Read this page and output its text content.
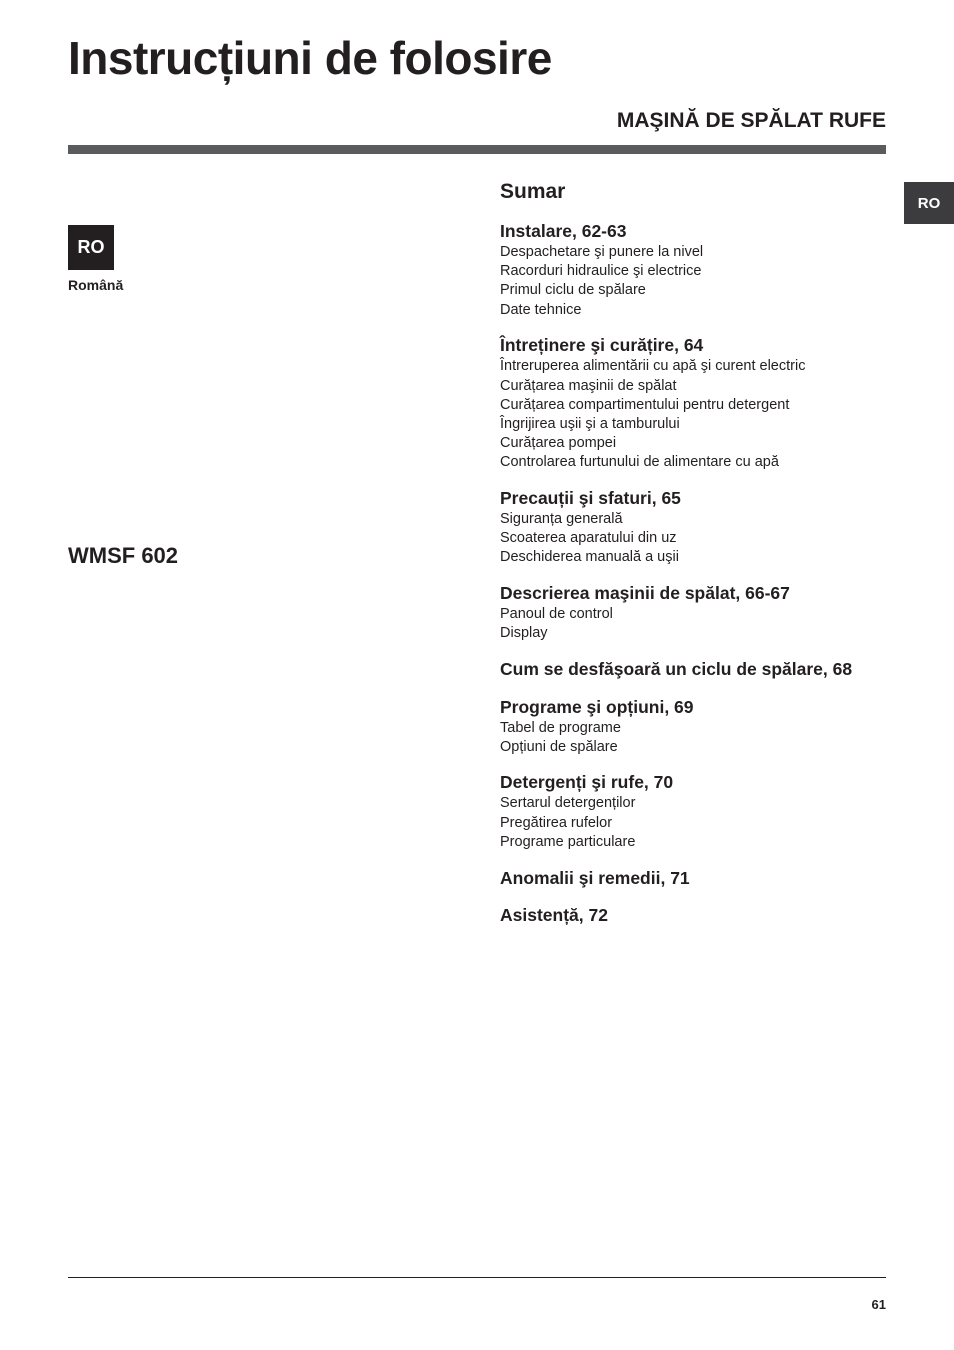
Instrucțiuni de folosire
MAŞINĂ DE SPĂLAT RUFE
RO
RO
Română
WMSF 602
Sumar
Instalare, 62-63
Despachetare şi punere la nivel
Racorduri hidraulice şi electrice
Primul ciclu de spălare
Date tehnice
Întreținere şi curățire, 64
Întreruperea alimentării cu apă şi curent electric
Curățarea maşinii de spălat
Curățarea compartimentului pentru detergent
Îngrijirea uşii şi a tamburului
Curățarea pompei
Controlarea furtunului de alimentare cu apă
Precauții şi sfaturi, 65
Siguranța generală
Scoaterea aparatului din uz
Deschiderea manuală a uşii
Descrierea maşinii de spălat, 66-67
Panoul de control
Display
Cum se desfăşoară un ciclu de spălare, 68
Programe şi opțiuni, 69
Tabel de programe
Opțiuni de spălare
Detergenți şi rufe, 70
Sertarul detergenților
Pregătirea rufelor
Programe particulare
Anomalii şi remedii, 71
Asistență, 72
61
